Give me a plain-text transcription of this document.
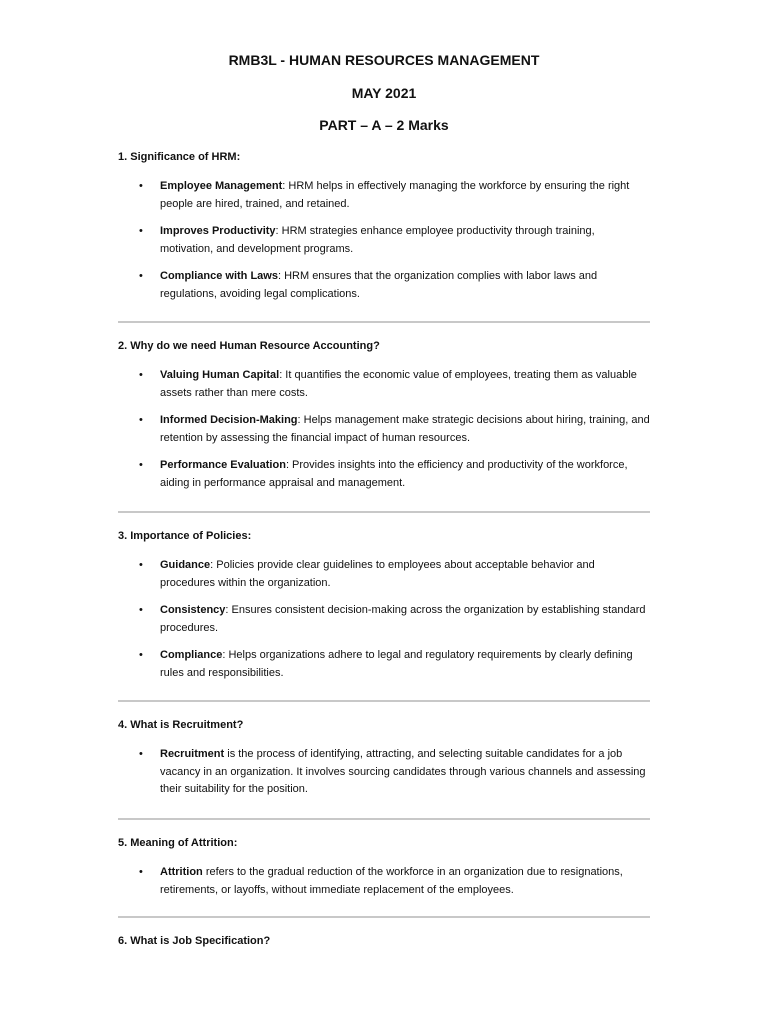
RMB3L - HUMAN RESOURCES MANAGEMENT
MAY 2021
PART – A – 2 Marks

1. Significance of HRM:

• Employee Management: HRM helps in effectively managing the workforce by ensuring the right people are hired, trained, and retained.
• Improves Productivity: HRM strategies enhance employee productivity through training, motivation, and development programs.
• Compliance with Laws: HRM ensures that the organization complies with labor laws and regulations, avoiding legal complications.

2. Why do we need Human Resource Accounting?

• Valuing Human Capital: It quantifies the economic value of employees, treating them as valuable assets rather than mere costs.
• Informed Decision-Making: Helps management make strategic decisions about hiring, training, and retention by assessing the financial impact of human resources.
• Performance Evaluation: Provides insights into the efficiency and productivity of the workforce, aiding in performance appraisal and management.

3. Importance of Policies:

• Guidance: Policies provide clear guidelines to employees about acceptable behavior and procedures within the organization.
• Consistency: Ensures consistent decision-making across the organization by establishing standard procedures.
• Compliance: Helps organizations adhere to legal and regulatory requirements by clearly defining rules and responsibilities.

4. What is Recruitment?

• Recruitment is the process of identifying, attracting, and selecting suitable candidates for a job vacancy in an organization. It involves sourcing candidates through various channels and assessing their suitability for the position.

5. Meaning of Attrition:

• Attrition refers to the gradual reduction of the workforce in an organization due to resignations, retirements, or layoffs, without immediate replacement of the employees.

6. What is Job Specification?
